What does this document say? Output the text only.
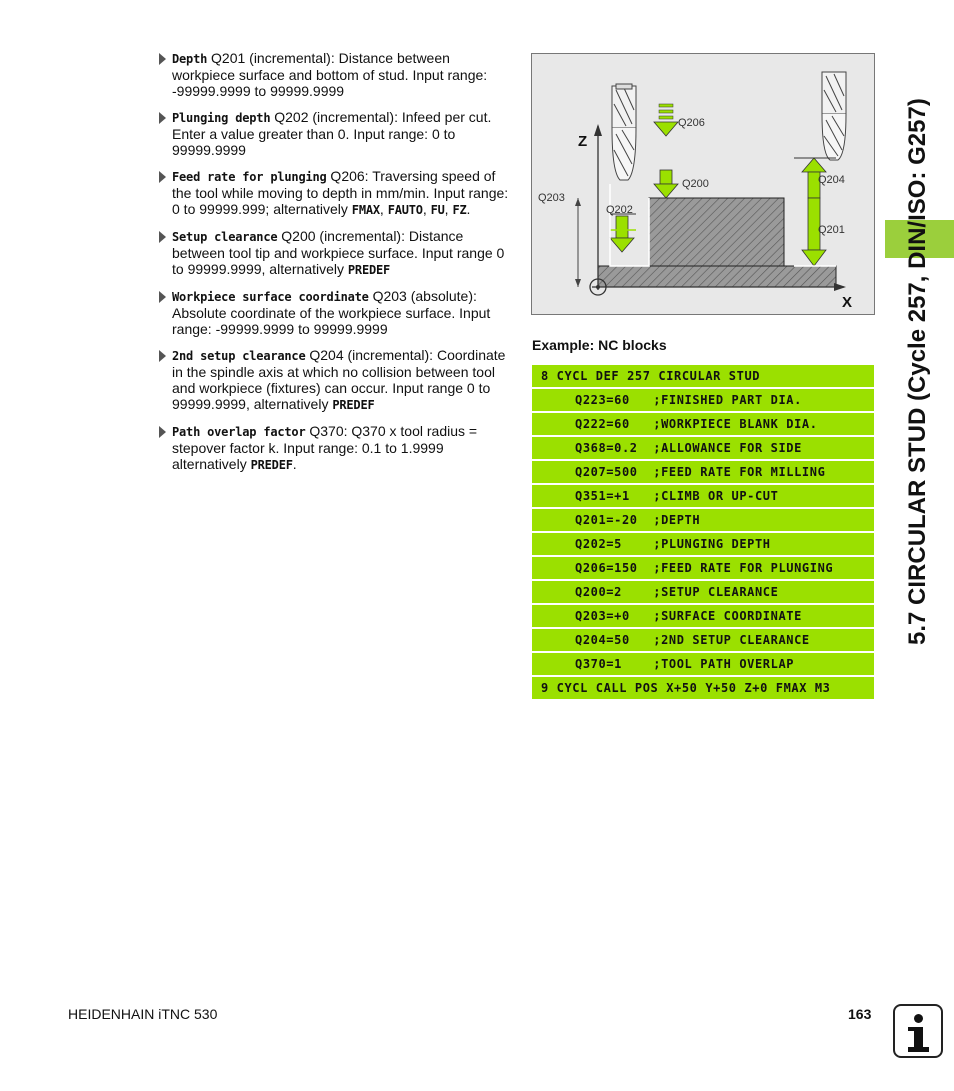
Depth Q201 (incremental): Distance between workpiece surface and bottom of stud. Input range: -99999.9999 to 99999.9999
Plunging depth Q202 (incremental): Infeed per cut. Enter a value greater than 0. Input range: 0 to 99999.9999
Feed rate for plunging Q206: Traversing speed of the tool while moving to depth in mm/min. Input range: 0 to 99999.999; alternatively FMAX, FAUTO, FU, FZ.
Setup clearance Q200 (incremental): Distance between tool tip and workpiece surface. Input range 0 to 99999.9999, alternatively PREDEF
Workpiece surface coordinate Q203 (absolute): Absolute coordinate of the workpiece surface. Input range: -99999.9999 to 99999.9999
2nd setup clearance Q204 (incremental): Coordinate in the spindle axis at which no collision between tool and workpiece (fixtures) can occur. Input range 0 to 99999.9999, alternatively PREDEF
Path overlap factor Q370: Q370 x tool radius = stepover factor k. Input range: 0.1 to 1.9999 alternatively PREDEF.
Z
X
Q206
Q200	Q204
Q203
Q202
Q201
Example: NC blocks
8 CYCL DEF 257 CIRCULAR STUD
Q223=60   ;FINISHED PART DIA.
Q222=60   ;WORKPIECE BLANK DIA.
Q368=0.2  ;ALLOWANCE FOR SIDE
Q207=500  ;FEED RATE FOR MILLING
Q351=+1   ;CLIMB OR UP-CUT
Q201=-20  ;DEPTH
Q202=5    ;PLUNGING DEPTH
Q206=150  ;FEED RATE FOR PLUNGING
Q200=2    ;SETUP CLEARANCE
Q203=+0   ;SURFACE COORDINATE
Q204=50   ;2ND SETUP CLEARANCE
Q370=1    ;TOOL PATH OVERLAP
9 CYCL CALL POS X+50 Y+50 Z+0 FMAX M3
5.7 CIRCULAR STUD (Cycle 257, DIN/ISO: G257)
HEIDENHAIN iTNC 530	163
